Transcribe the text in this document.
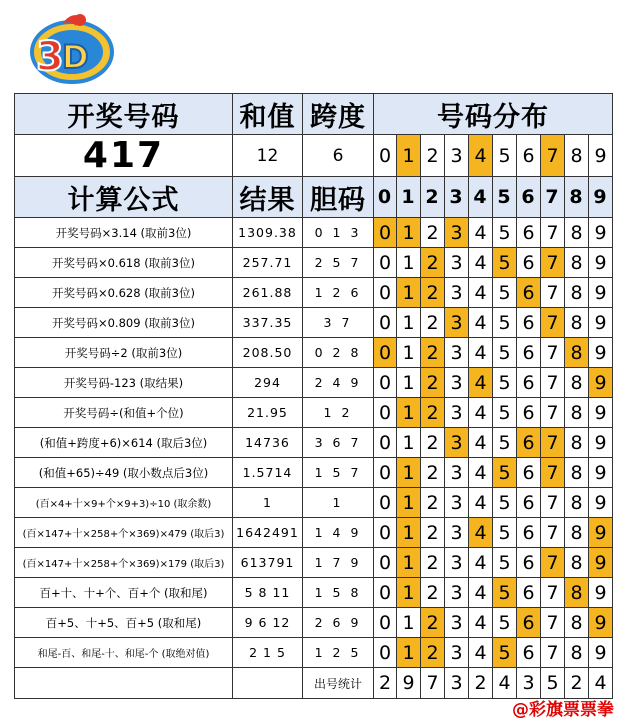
3
D
开奖号码	和值	跨度	号码分布									
417	12	6	0	1	2	3	4	5	6	7	8	9
计算公式	结果	胆码	0	1	2	3	4	5	6	7	8	9
开奖号码×3.14 (取前3位)	1309.38	0 1 3	0	1	2	3	4	5	6	7	8	9
开奖号码×0.618 (取前3位)	257.71	2 5 7	0	1	2	3	4	5	6	7	8	9
开奖号码×0.628 (取前3位)	261.88	1 2 6	0	1	2	3	4	5	6	7	8	9
开奖号码×0.809 (取前3位)	337.35	3 7	0	1	2	3	4	5	6	7	8	9
开奖号码÷2 (取前3位)	208.50	0 2 8	0	1	2	3	4	5	6	7	8	9
开奖号码-123 (取结果)	294	2 4 9	0	1	2	3	4	5	6	7	8	9
开奖号码÷(和值+个位)	21.95	1 2	0	1	2	3	4	5	6	7	8	9
(和值+跨度+6)×614 (取后3位)	14736	3 6 7	0	1	2	3	4	5	6	7	8	9
(和值+65)÷49 (取小数点后3位)	1.5714	1 5 7	0	1	2	3	4	5	6	7	8	9
(百×4+十×9+个×9+3)÷10 (取余数)	1	1	0	1	2	3	4	5	6	7	8	9
(百×147+十×258+个×369)×479 (取后3)	1642491	1 4 9	0	1	2	3	4	5	6	7	8	9
(百×147+十×258+个×369)×179 (取后3)	613791	1 7 9	0	1	2	3	4	5	6	7	8	9
百+十、十+个、百+个 (取和尾)	5 8 11	1 5 8	0	1	2	3	4	5	6	7	8	9
百+5、十+5、百+5 (取和尾)	9 6 12	2 6 9	0	1	2	3	4	5	6	7	8	9
和尾-百、和尾-十、和尾-个 (取绝对值)	2 1 5	1 2 5	0	1	2	3	4	5	6	7	8	9
		出号统计	2	9	7	3	2	4	3	5	2	4
@彩旗票票拳
